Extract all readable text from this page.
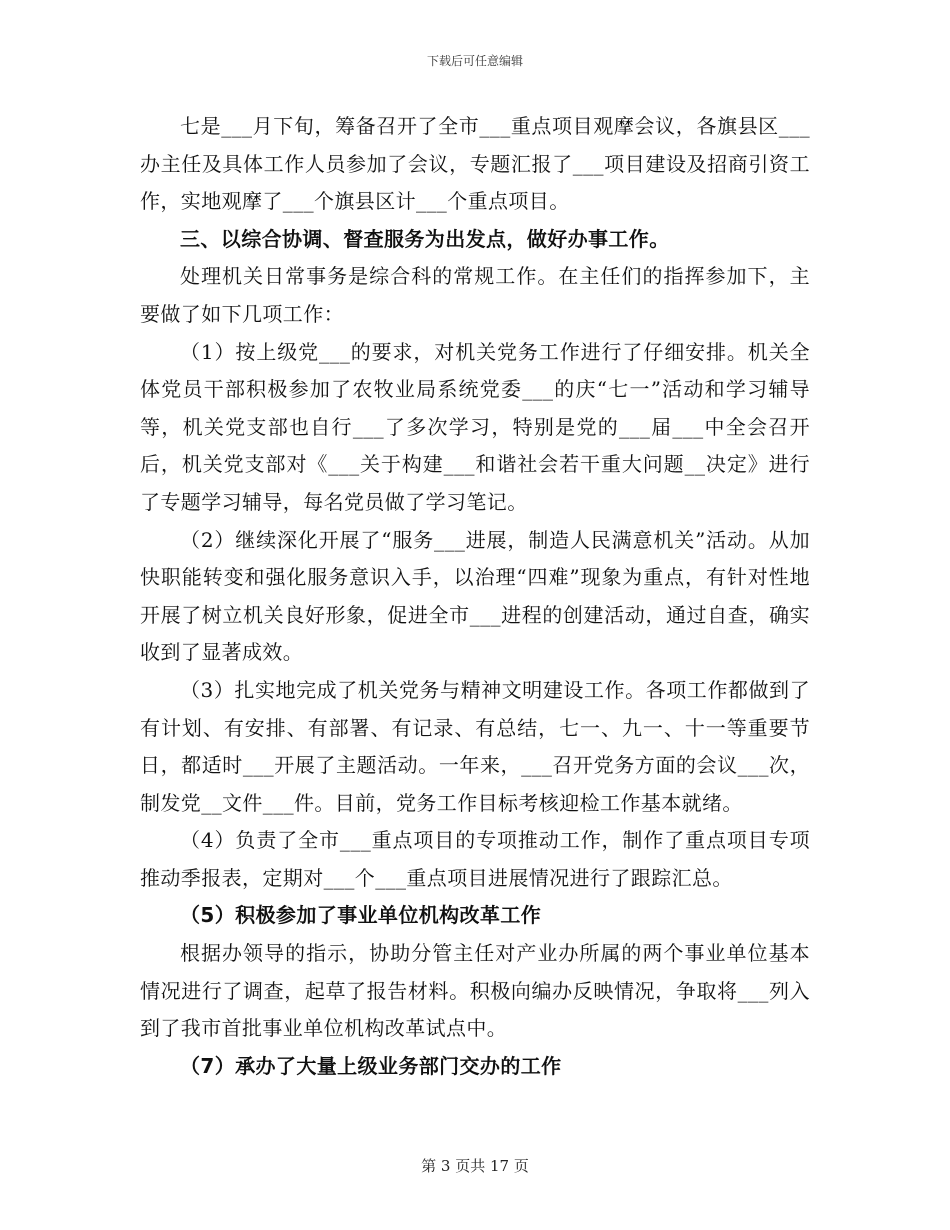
下载后可任意编辑

七是___月下旬，筹备召开了全市___重点项目观摩会议，各旗县区___办主任及具体工作人员参加了会议，专题汇报了___项目建设及招商引资工作，实地观摩了___个旗县区计___个重点项目。

三、以综合协调、督查服务为出发点，做好办事工作。

处理机关日常事务是综合科的常规工作。在主任们的指挥参加下，主要做了如下几项工作：

（1）按上级党___的要求，对机关党务工作进行了仔细安排。机关全体党员干部积极参加了农牧业局系统党委___的庆“七一”活动和学习辅导等，机关党支部也自行___了多次学习，特别是党的___届___中全会召开后，机关党支部对《___关于构建___和谐社会若干重大问题__决定》进行了专题学习辅导，每名党员做了学习笔记。

（2）继续深化开展了“服务___进展，制造人民满意机关”活动。从加快职能转变和强化服务意识入手，以治理“四难”现象为重点，有针对性地开展了树立机关良好形象，促进全市___进程的创建活动，通过自查，确实收到了显著成效。

（3）扎实地完成了机关党务与精神文明建设工作。各项工作都做到了有计划、有安排、有部署、有记录、有总结，七一、九一、十一等重要节日，都适时___开展了主题活动。一年来，___召开党务方面的会议___次，制发党__文件___件。目前，党务工作目标考核迎检工作基本就绪。

（4）负责了全市___重点项目的专项推动工作，制作了重点项目专项推动季报表，定期对___个___重点项目进展情况进行了跟踪汇总。

（5）积极参加了事业单位机构改革工作

根据办领导的指示，协助分管主任对产业办所属的两个事业单位基本情况进行了调查，起草了报告材料。积极向编办反映情况，争取将___列入到了我市首批事业单位机构改革试点中。

（7）承办了大量上级业务部门交办的工作

第 3 页共 17 页
